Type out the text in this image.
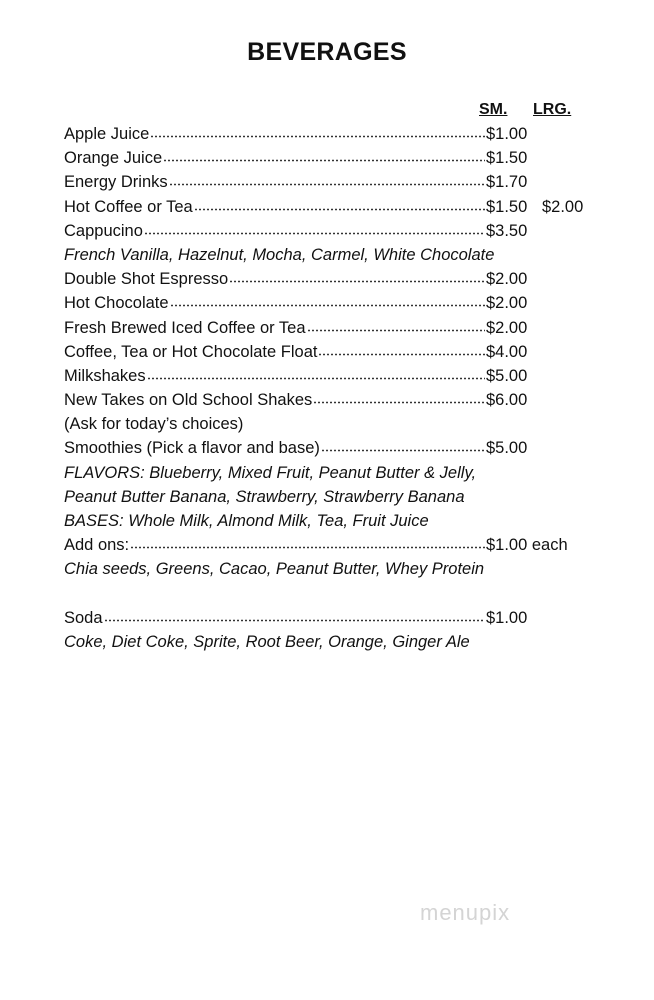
BEVERAGES
SM. LRG.
Apple Juice	$1.00
Orange Juice	$1.50
Energy Drinks	$1.70
Hot Coffee or Tea	$1.50 $2.00
Cappucino	$3.50
French Vanilla, Hazelnut, Mocha, Carmel, White Chocolate
Double Shot Espresso	$2.00
Hot Chocolate	$2.00
Fresh Brewed Iced Coffee or Tea	$2.00
Coffee, Tea or Hot Chocolate Float	$4.00
Milkshakes	$5.00
New Takes on Old School Shakes	$6.00
(Ask for today’s choices)
Smoothies (Pick a flavor and base)	$5.00
FLAVORS: Blueberry, Mixed Fruit, Peanut Butter & Jelly,
Peanut Butter Banana, Strawberry, Strawberry Banana
BASES: Whole Milk, Almond Milk, Tea, Fruit Juice
Add ons:	$1.00 each
Chia seeds, Greens, Cacao, Peanut Butter, Whey Protein
Soda	$1.00
Coke, Diet Coke, Sprite, Root Beer, Orange, Ginger Ale
menupix
